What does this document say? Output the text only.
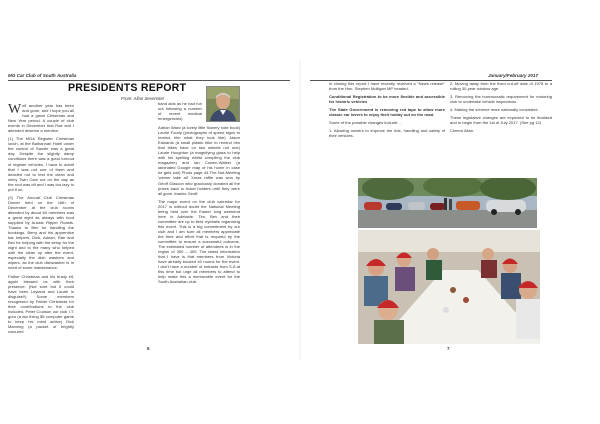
MG Car Club of South Australia
PRESIDENTS REPORT
From: Allan Sevenster

Well another year has been and gone, and I hope you all had a great Christmas and New Year period. A couple of club events in December that Rae and I attended deserve a mention.

(1) The MGA Register Christmas lunch, at the Balhannah Hotel under the control of Sandie was a great day. Despite the slightly damp conditions there was a good turnout of register vehicles. I have to admit that I was not one of them and decided not to test the clean and shiny Twin Cam out on the day as the roof was off and I was too lazy to put it on.

(2) The Annual Club Christmas Dinner held on the 16th of December at the club rooms attended by about 60 members was a great night as always with food supplied by Aussie Ripper Roasts. Thanks to Bev for handling the bookings, Berry and his apprentice bar helpers, Dick, Adrian, Rae and Bev for helping with the setup for the night and to the many who helped with the clean up after the event, especially the dish washers and wipers, as the club dishwasher is in need of some maintenance.

Father Christmas and his trusty elf, again blessed us with their presence. (Not sure but it could have been Leyland and Laurie in disguise!!) Some members recognised by Father Christmas for their contributions to the club included, Peter Coulson our club I.T. guru (a wiz fixing $5 computer game to keep his mind active) Dick Manning (a packet of brightly coloured

band aids as he had run out following a number of recent medical emergencies)

Adrian Ward (a lovely little flowery note book) Laurie Foody (photographs of speed signs to remind him what they look like) Jason Edwards (a small plastic bike to remind him that bikes have on two wheels not one) Laurie Houghton (a magnifying glass to help with his spelling whilst compiling the club magazine) and Ian Cowen-Walker (a laminated Google map of his home in case he gets lost) Photo page 44 The Not-Meeting 'winner take all' Xmas raffle was won by Geoff Glascon who graciously donated all the prizes back to ticket holders until they were all gone, thanks Geoff.

The major event on the club calendar for 2017 is without doubt the National Meeting being held over the Easter long weekend here in Adelaide. Tim, Bev and their committee are up to their eyeballs organising this event. This is a big commitment by our club and I am sure all members appreciate the time and effort that is required by the committee to ensure a successful outcome. The estimated number of attendees is in the region of 350 – 400. The latest information that I have is that members from Victoria have already booked 40 rooms for the event. I don't have a number of entrants from S.A at this time but urge all members to attend to help make this a memorable event for the South Australian club.

6
January/February 2017

In closing this report I have recently received a "News release" from the Hon. Stephen Mulligan MP headed,

Conditional Registration to be more flexible and accessible for historic vehicles

The State Government is removing red tape to allow more classic car lovers to enjoy their hobby out on the road.

Some of the possible changes include: -

1. Allowing owners to improve the ride, handling and safety of their vehicles.

2. Moving away from the fixed cut-off date of 1978 to a rolling 30-year window age.

3. Removing the bureaucratic requirement for motoring club to undertake vehicle inspections.

4. Making the scheme more nationally consistent.

These legislative changes are expected to be finalised and to begin from the 1st of July 2017. (See pg 12)

Cheers Allan.

7
